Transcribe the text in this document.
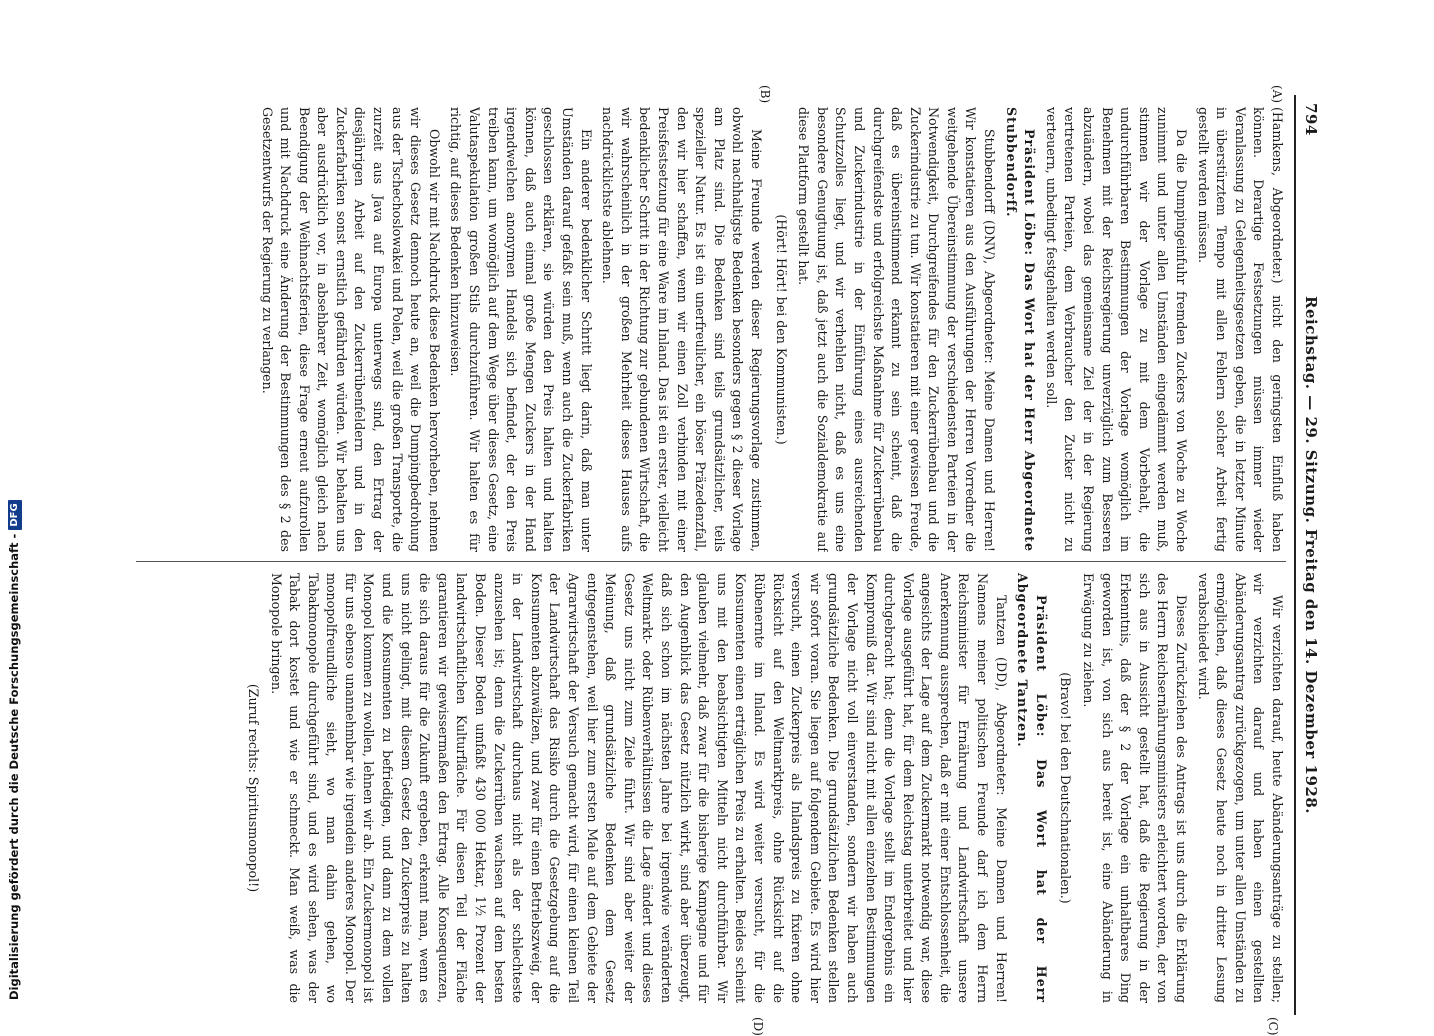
794
Reichstag. — 29. Sitzung. Freitag den 14. Dezember 1928.
(A)
(B)
(C)
(D)

(Hamkens, Abgeordneter.) nicht den geringsten Einfluß haben können. Derartige Festsetzungen müssen immer wieder Veranlassung zu Gelegenheitsgesetzen geben, die in letzter Minute in überstürztem Tempo mit allen Fehlern solcher Arbeit fertig gestellt werden müssen.

Da die Dumpingeinfuhr fremden Zuckers von Woche zu Woche zunimmt und unter allen Umständen eingedämmt werden muß, stimmen wir der Vorlage zu mit dem Vorbehalt, die undurchführbaren Bestimmungen der Vorlage womöglich im Benehmen mit der Reichsregierung unverzüglich zum Besseren abzuändern, wobei das gemeinsame Ziel der in der Regierung vertretenen Parteien, dem Verbraucher den Zucker nicht zu verteuern, unbedingt festgehalten werden soll.

Präsident Löbe: Das Wort hat der Herr Abgeordnete Stubbendorff.

Stubbendorff (DNV), Abgeordneter: Meine Damen und Herren! Wir konstatieren aus den Ausführungen der Herren Vorredner die weitgehende Übereinstimmung der verschiedensten Parteien in der Notwendigkeit, Durchgreifendes für den Zuckerrübenbau und die Zuckerindustrie zu tun. Wir konstatieren mit einer gewissen Freude, daß es übereinstimmend erkannt zu sein scheint, daß die durchgreifendste und erfolgreichste Maßnahme für Zuckerrübenbau und Zuckerindustrie in der Einführung eines ausreichenden Schutzzolles liegt, und wir verhehlen nicht, daß es uns eine besondere Genugtuung ist, daß jetzt auch die Sozialdemokratie auf diese Plattform gestellt hat.

(Hört! Hört! bei den Kommunisten.)

Meine Freunde werden dieser Regierungsvorlage zustimmen, obwohl nachhaltigste Bedenken besonders gegen § 2 dieser Vorlage am Platz sind. Die Bedenken sind teils grundsätzlicher, teils spezieller Natur. Es ist ein unerfreulicher, ein böser Präzedenzfall, den wir hier schaffen, wenn wir einen Zoll verbinden mit einer Preisfestsetzung für eine Ware im Inland. Das ist ein erster, vielleicht bedenklicher Schritt in der Richtung zur gebundenen Wirtschaft, die wir wahrscheinlich in der großen Mehrheit dieses Hauses aufs nachdrücklichste ablehnen.

Ein anderer bedenklicher Schritt liegt darin, daß man unter Umständen darauf gefaßt sein muß, wenn auch die Zuckerfabriken geschlossen erklären, sie würden den Preis halten und halten können, daß auch einmal große Mengen Zuckers in der Hand irgendwelchen anonymen Handels sich befindet, der den Preis treiben kann, um womöglich auf dem Wege über dieses Gesetz, eine Valutaspekulation großen Stils durchzuführen. Wir halten es für richtig, auf dieses Bedenken hinzuweisen.

Obwohl wir mit Nachdruck diese Bedenken hervorheben, nehmen wir dieses Gesetz dennoch heute an, weil die Dumpingbedrohung aus der Tschechoslowakei und Polen, weil die großen Transporte, die zurzeit aus Java auf Europa unterwegs sind, den Ertrag der diesjährigen Arbeit auf den Zuckerrübenfeldern und in den Zuckerfabriken sonst ernstlich gefährden würden. Wir behalten uns aber ausdrücklich vor, in absehbarer Zeit, womöglich gleich nach Beendigung der Weihnachtsferien, diese Frage erneut aufzurollen und mit Nachdruck eine Änderung der Bestimmungen des § 2 des Gesetzentwurfs der Regierung zu verlangen.

Wir verzichten darauf, heute Abänderungsanträge zu stellen; wir verzichten darauf und haben einen gestellten Abänderungsantrag zurückgezogen, um unter allen Umständen zu ermöglichen, daß dieses Gesetz heute noch in dritter Lesung verabschiedet wird.

Dieses Zurückziehen des Antrags ist uns durch die Erklärung des Herrn Reichsernährungsministers erleichtert worden, der von sich aus in Aussicht gestellt hat, daß die Regierung in der Erkenntnis, daß der § 2 der Vorlage ein unhaltbares Ding geworden ist, von sich aus bereit ist, eine Abänderung in Erwägung zu ziehen.

(Bravo! bei den Deutschnationalen.)

Präsident Löbe: Das Wort hat der Herr Abgeordnete Tantzen.

Tantzen (DD), Abgeordneter: Meine Damen und Herren! Namens meiner politischen Freunde darf ich dem Herrn Reichsminister für Ernährung und Landwirtschaft unsere Anerkennung aussprechen, daß er mit einer Entschlossenheit, die angesichts der Lage auf dem Zuckermarkt notwendig war, diese Vorlage ausgeführt hat, für dem Reichstag unterbreitet und hier durchgebracht hat; denn die Vorlage stellt im Endergebnis ein Kompromiß dar. Wir sind nicht mit allen einzelnen Bestimmungen der Vorlage nicht voll einverstanden, sondern wir haben auch grundsätzliche Bedenken. Die grundsätzlichen Bedenken stellen wir sofort voran. Sie liegen auf folgendem Gebiete. Es wird hier versucht, einen Zuckerpreis als Inlandspreis zu fixieren ohne Rücksicht auf den Weltmarktpreis, ohne Rücksicht auf die Rübenernte im Inland. Es wird weiter versucht, für die Konsumenten einen erträglichen Preis zu erhalten. Beides scheint uns mit den beabsichtigten Mitteln nicht durchführbar. Wir glauben vielmehr, daß zwar für die bisherige Kampagne und für den Augenblick das Gesetz nützlich wirkt, sind aber überzeugt, daß sich schon im nächsten Jahre bei irgendwie veränderten Weltmarkt- oder Rübenverhältnissen die Lage ändert und dieses Gesetz uns nicht zum Ziele führt. Wir sind aber weiter der Meinung, daß grundsätzliche Bedenken dem Gesetz entgegenstehen, weil hier zum ersten Male auf dem Gebiete der Agrarwirtschaft der Versuch gemacht wird, für einen kleinen Teil der Landwirtschaft das Risiko durch die Gesetzgebung auf die Konsumenten abzuwälzen, und zwar für einen Betriebszweig, der in der Landwirtschaft durchaus nicht als der schlechteste anzusehen ist; denn die Zuckerrüben wachsen auf dem besten Boden. Dieser Boden umfaßt 430 000 Hektar, 1½ Prozent der landwirtschaftlichen Kulturfläche. Für diesen Teil der Fläche garantieren wir gewissermaßen den Ertrag. Alle Konsequenzen, die sich daraus für die Zukunft ergeben, erkennt man, wenn es uns nicht gelingt, mit diesem Gesetz den Zuckerpreis zu halten und die Konsumenten zu befriedigen, und dann zu dem vollen Monopol kommen zu wollen, lehnen wir ab. Ein Zuckermonopol ist für uns ebenso unannehmbar wie irgendein anderes Monopol. Der monopolfreundliche sieht, wo man dahin gehen, wo Tabakmonopole durchgeführt sind, und es wird sehen, was der Tabak dort kostet und wie er schmeckt. Man weiß, was die Monopole bringen.

(Zuruf rechts: Spiritusmonopol!)

Digitalisierung gefördert durch die Deutsche Forschungsgemeinschaft -DFG
